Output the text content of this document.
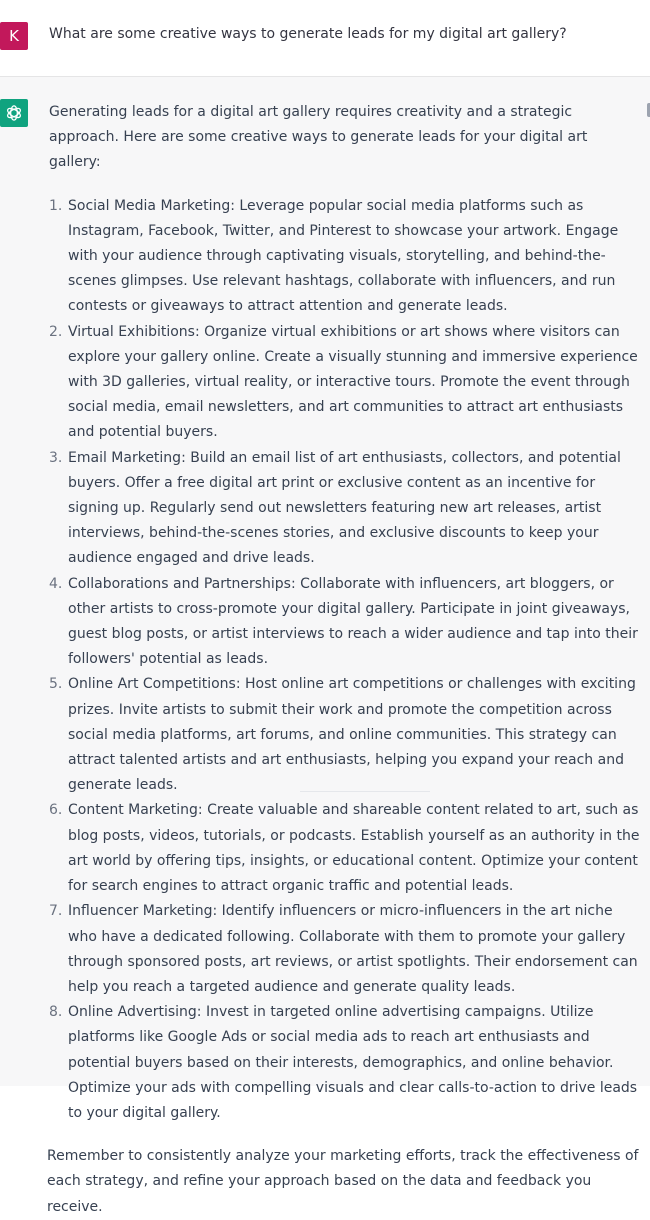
K	What are some creative ways to generate leads for my digital art gallery?

Generating leads for a digital art gallery requires creativity and a strategic approach. Here are some creative ways to generate leads for your digital art gallery:

1. Social Media Marketing: Leverage popular social media platforms such as Instagram, Facebook, Twitter, and Pinterest to showcase your artwork. Engage with your audience through captivating visuals, storytelling, and behind-the-scenes glimpses. Use relevant hashtags, collaborate with influencers, and run contests or giveaways to attract attention and generate leads.
2. Virtual Exhibitions: Organize virtual exhibitions or art shows where visitors can explore your gallery online. Create a visually stunning and immersive experience with 3D galleries, virtual reality, or interactive tours. Promote the event through social media, email newsletters, and art communities to attract art enthusiasts and potential buyers.
3. Email Marketing: Build an email list of art enthusiasts, collectors, and potential buyers. Offer a free digital art print or exclusive content as an incentive for signing up. Regularly send out newsletters featuring new art releases, artist interviews, behind-the-scenes stories, and exclusive discounts to keep your audience engaged and drive leads.
4. Collaborations and Partnerships: Collaborate with influencers, art bloggers, or other artists to cross-promote your digital gallery. Participate in joint giveaways, guest blog posts, or artist interviews to reach a wider audience and tap into their followers' potential as leads.
5. Online Art Competitions: Host online art competitions or challenges with exciting prizes. Invite artists to submit their work and promote the competition across social media platforms, art forums, and online communities. This strategy can attract talented artists and art enthusiasts, helping you expand your reach and generate leads.
6. Content Marketing: Create valuable and shareable content related to art, such as blog posts, videos, tutorials, or podcasts. Establish yourself as an authority in the art world by offering tips, insights, or educational content. Optimize your content for search engines to attract organic traffic and potential leads.
7. Influencer Marketing: Identify influencers or micro-influencers in the art niche who have a dedicated following. Collaborate with them to promote your gallery through sponsored posts, art reviews, or artist spotlights. Their endorsement can help you reach a targeted audience and generate quality leads.
8. Online Advertising: Invest in targeted online advertising campaigns. Utilize platforms like Google Ads or social media ads to reach art enthusiasts and potential buyers based on their interests, demographics, and online behavior. Optimize your ads with compelling visuals and clear calls-to-action to drive leads to your digital gallery.

Remember to consistently analyze your marketing efforts, track the effectiveness of each strategy, and refine your approach based on the data and feedback you receive.
